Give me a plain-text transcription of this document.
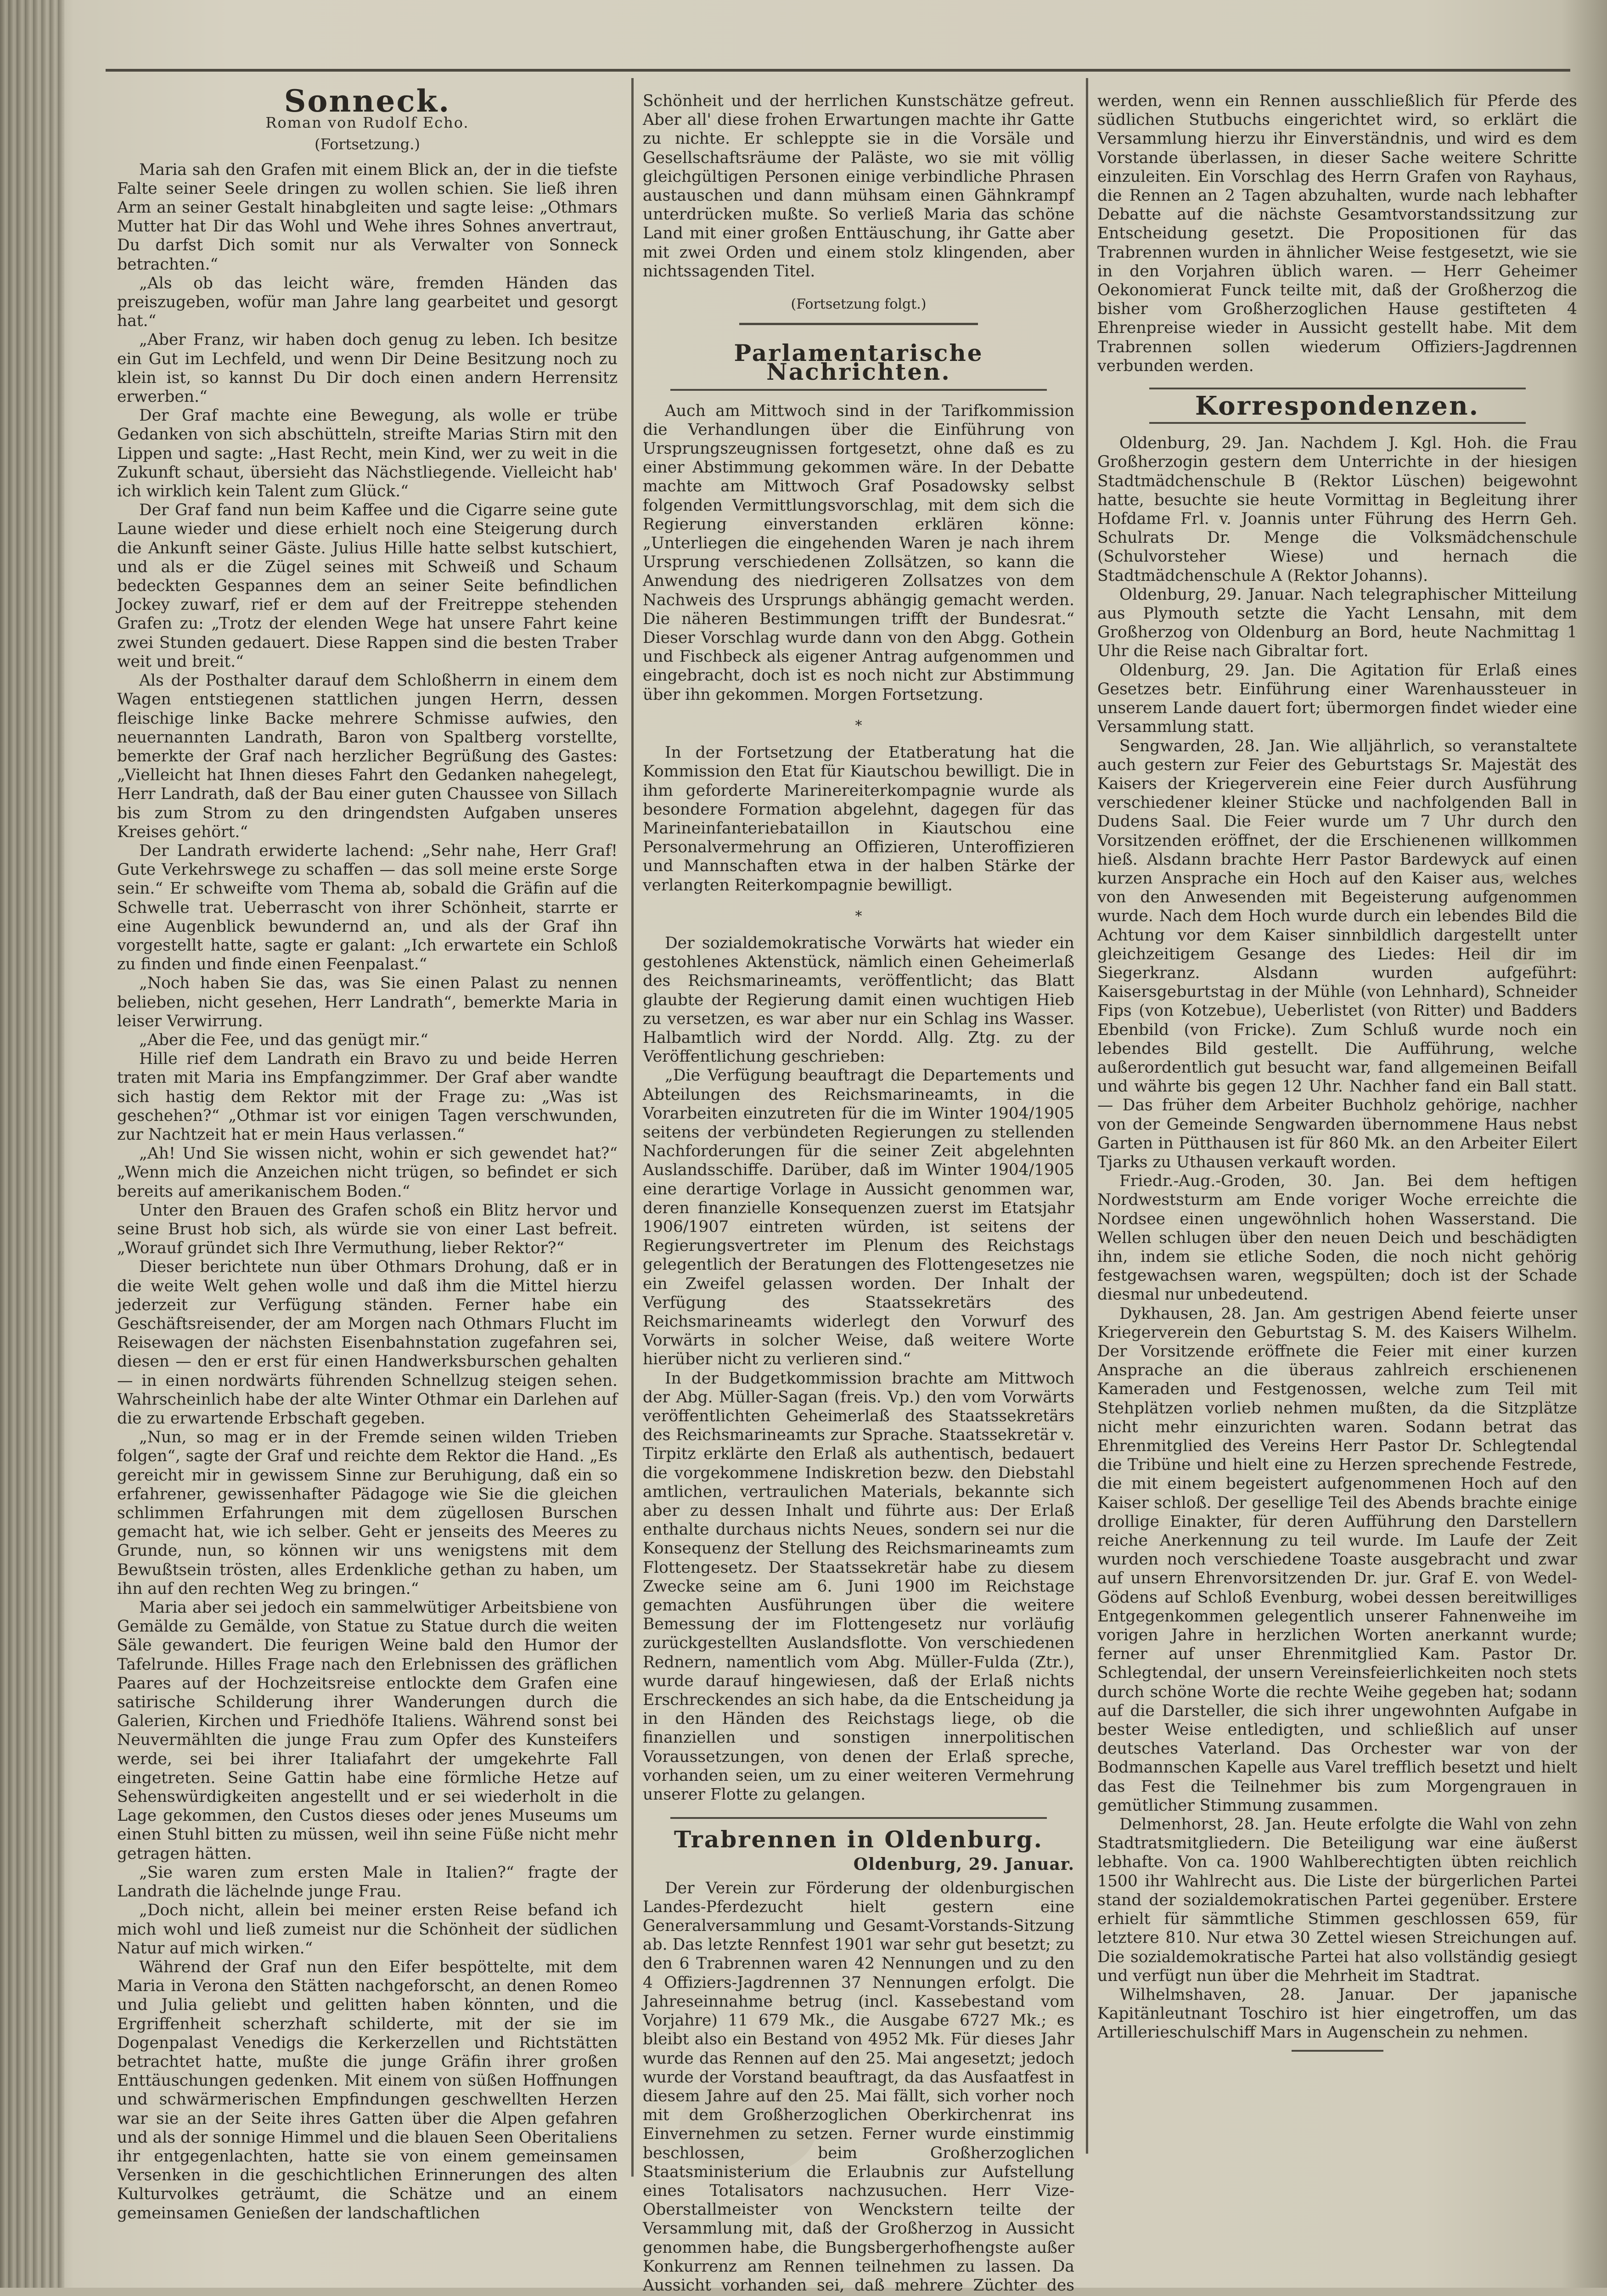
Sonneck.
Roman von Rudolf Echo.
(Fortsetzung.)

Maria sah den Grafen mit einem Blick an, der in die tiefste Falte seiner Seele dringen zu wollen schien. Sie ließ ihren Arm an seiner Gestalt hinabgleiten und sagte leise: „Othmars Mutter hat Dir das Wohl und Wehe ihres Sohnes anvertraut, Du darfst Dich somit nur als Verwalter von Sonneck betrachten.“

„Als ob das leicht wäre, fremden Händen das preiszugeben, wofür man Jahre lang gearbeitet und gesorgt hat.“

„Aber Franz, wir haben doch genug zu leben. Ich besitze ein Gut im Lechfeld, und wenn Dir Deine Besitzung noch zu klein ist, so kannst Du Dir doch einen andern Herrensitz erwerben.“

Der Graf machte eine Bewegung, als wolle er trübe Gedanken von sich abschütteln, streifte Marias Stirn mit den Lippen und sagte: „Hast Recht, mein Kind, wer zu weit in die Zukunft schaut, übersieht das Nächstliegende. Vielleicht hab' ich wirklich kein Talent zum Glück.“

Der Graf fand nun beim Kaffee und die Cigarre seine gute Laune wieder und diese erhielt noch eine Steigerung durch die Ankunft seiner Gäste. Julius Hille hatte selbst kutschiert, und als er die Zügel seines mit Schweiß und Schaum bedeckten Gespannes dem an seiner Seite befindlichen Jockey zuwarf, rief er dem auf der Freitreppe stehenden Grafen zu: „Trotz der elenden Wege hat unsere Fahrt keine zwei Stunden gedauert. Diese Rappen sind die besten Traber weit und breit.“

Als der Posthalter darauf dem Schloßherrn in einem dem Wagen entstiegenen stattlichen jungen Herrn, dessen fleischige linke Backe mehrere Schmisse aufwies, den neuernannten Landrath, Baron von Spaltberg vorstellte, bemerkte der Graf nach herzlicher Begrüßung des Gastes: „Vielleicht hat Ihnen dieses Fahrt den Gedanken nahegelegt, Herr Landrath, daß der Bau einer guten Chaussee von Sillach bis zum Strom zu den dringendsten Aufgaben unseres Kreises gehört.“

Der Landrath erwiderte lachend: „Sehr nahe, Herr Graf! Gute Verkehrswege zu schaffen — das soll meine erste Sorge sein.“ Er schweifte vom Thema ab, sobald die Gräfin auf die Schwelle trat. Ueberrascht von ihrer Schönheit, starrte er eine Augenblick bewundernd an, und als der Graf ihn vorgestellt hatte, sagte er galant: „Ich erwartete ein Schloß zu finden und finde einen Feenpalast.“

„Noch haben Sie das, was Sie einen Palast zu nennen belieben, nicht gesehen, Herr Landrath“, bemerkte Maria in leiser Verwirrung.

„Aber die Fee, und das genügt mir.“

Hille rief dem Landrath ein Bravo zu und beide Herren traten mit Maria ins Empfangzimmer. Der Graf aber wandte sich hastig dem Rektor mit der Frage zu: „Was ist geschehen?“ „Othmar ist vor einigen Tagen verschwunden, zur Nachtzeit hat er mein Haus verlassen.“

„Ah! Und Sie wissen nicht, wohin er sich gewendet hat?“ „Wenn mich die Anzeichen nicht trügen, so befindet er sich bereits auf amerikanischem Boden.“

Unter den Brauen des Grafen schoß ein Blitz hervor und seine Brust hob sich, als würde sie von einer Last befreit. „Worauf gründet sich Ihre Vermuthung, lieber Rektor?“

Dieser berichtete nun über Othmars Drohung, daß er in die weite Welt gehen wolle und daß ihm die Mittel hierzu jederzeit zur Verfügung ständen. Ferner habe ein Geschäftsreisender, der am Morgen nach Othmars Flucht im Reisewagen der nächsten Eisenbahnstation zugefahren sei, diesen — den er erst für einen Handwerksburschen gehalten — in einen nordwärts führenden Schnellzug steigen sehen. Wahrscheinlich habe der alte Winter Othmar ein Darlehen auf die zu erwartende Erbschaft gegeben.

„Nun, so mag er in der Fremde seinen wilden Trieben folgen“, sagte der Graf und reichte dem Rektor die Hand. „Es gereicht mir in gewissem Sinne zur Beruhigung, daß ein so erfahrener, gewissenhafter Pädagoge wie Sie die gleichen schlimmen Erfahrungen mit dem zügellosen Burschen gemacht hat, wie ich selber. Geht er jenseits des Meeres zu Grunde, nun, so können wir uns wenigstens mit dem Bewußtsein trösten, alles Erdenkliche gethan zu haben, um ihn auf den rechten Weg zu bringen.“

Maria aber sei jedoch ein sammelwütiger Arbeitsbiene von Gemälde zu Gemälde, von Statue zu Statue durch die weiten Säle gewandert. Die feurigen Weine bald den Humor der Tafelrunde. Hilles Frage nach den Erlebnissen des gräflichen Paares auf der Hochzeitsreise entlockte dem Grafen eine satirische Schilderung ihrer Wanderungen durch die Galerien, Kirchen und Friedhöfe Italiens. Während sonst bei Neuvermählten die junge Frau zum Opfer des Kunsteifers werde, sei bei ihrer Italiafahrt der umgekehrte Fall eingetreten. Seine Gattin habe eine förmliche Hetze auf Sehenswürdigkeiten angestellt und er sei wiederholt in die Lage gekommen, den Custos dieses oder jenes Museums um einen Stuhl bitten zu müssen, weil ihn seine Füße nicht mehr getragen hätten.

„Sie waren zum ersten Male in Italien?“ fragte der Landrath die lächelnde junge Frau.

„Doch nicht, allein bei meiner ersten Reise befand ich mich wohl und ließ zumeist nur die Schönheit der südlichen Natur auf mich wirken.“

Während der Graf nun den Eifer bespöttelte, mit dem Maria in Verona den Stätten nachgeforscht, an denen Romeo und Julia geliebt und gelitten haben könnten, und die Ergriffenheit scherzhaft schilderte, mit der sie im Dogenpalast Venedigs die Kerkerzellen und Richtstätten betrachtet hatte, mußte die junge Gräfin ihrer großen Enttäuschungen gedenken. Mit einem von süßen Hoffnungen und schwärmerischen Empfindungen geschwellten Herzen war sie an der Seite ihres Gatten über die Alpen gefahren und als der sonnige Himmel und die blauen Seen Oberitaliens ihr entgegenlachten, hatte sie von einem gemeinsamen Versenken in die geschichtlichen Erinnerungen des alten Kulturvolkes geträumt, die Schätze und an einem gemeinsamen Genießen der landschaftlichen

Schönheit und der herrlichen Kunstschätze gefreut. Aber all' diese frohen Erwartungen machte ihr Gatte zu nichte. Er schleppte sie in die Vorsäle und Gesellschaftsräume der Paläste, wo sie mit völlig gleichgültigen Personen einige verbindliche Phrasen austauschen und dann mühsam einen Gähnkrampf unterdrücken mußte. So verließ Maria das schöne Land mit einer großen Enttäuschung, ihr Gatte aber mit zwei Orden und einem stolz klingenden, aber nichtssagenden Titel.

(Fortsetzung folgt.)
Parlamentarische Nachrichten.

Auch am Mittwoch sind in der Tarifkommission die Verhandlungen über die Einführung von Ursprungszeugnissen fortgesetzt, ohne daß es zu einer Abstimmung gekommen wäre. In der Debatte machte am Mittwoch Graf Posadowsky selbst folgenden Vermittlungsvorschlag, mit dem sich die Regierung einverstanden erklären könne: „Unterliegen die eingehenden Waren je nach ihrem Ursprung verschiedenen Zollsätzen, so kann die Anwendung des niedrigeren Zollsatzes von dem Nachweis des Ursprungs abhängig gemacht werden. Die näheren Bestimmungen trifft der Bundesrat.“ Dieser Vorschlag wurde dann von den Abgg. Gothein und Fischbeck als eigener Antrag aufgenommen und eingebracht, doch ist es noch nicht zur Abstimmung über ihn gekommen. Morgen Fortsetzung.

*

In der Fortsetzung der Etatberatung hat die Kommission den Etat für Kiautschou bewilligt. Die in ihm geforderte Marinereiterkompagnie wurde als besondere Formation abgelehnt, dagegen für das Marineinfanteriebataillon in Kiautschou eine Personalvermehrung an Offizieren, Unteroffizieren und Mannschaften etwa in der halben Stärke der verlangten Reiterkompagnie bewilligt.

*

Der sozialdemokratische Vorwärts hat wieder ein gestohlenes Aktenstück, nämlich einen Geheimerlaß des Reichsmarineamts, veröffentlicht; das Blatt glaubte der Regierung damit einen wuchtigen Hieb zu versetzen, es war aber nur ein Schlag ins Wasser. Halbamtlich wird der Nordd. Allg. Ztg. zu der Veröffentlichung geschrieben:

„Die Verfügung beauftragt die Departements und Abteilungen des Reichsmarineamts, in die Vorarbeiten einzutreten für die im Winter 1904/1905 seitens der verbündeten Regierungen zu stellenden Nachforderungen für die seiner Zeit abgelehnten Auslandsschiffe. Darüber, daß im Winter 1904/1905 eine derartige Vorlage in Aussicht genommen war, deren finanzielle Konsequenzen zuerst im Etatsjahr 1906/1907 eintreten würden, ist seitens der Regierungsvertreter im Plenum des Reichstags gelegentlich der Beratungen des Flottengesetzes nie ein Zweifel gelassen worden. Der Inhalt der Verfügung des Staatssekretärs des Reichsmarineamts widerlegt den Vorwurf des Vorwärts in solcher Weise, daß weitere Worte hierüber nicht zu verlieren sind.“

In der Budgetkommission brachte am Mittwoch der Abg. Müller-Sagan (freis. Vp.) den vom Vorwärts veröffentlichten Geheimerlaß des Staatssekretärs des Reichsmarineamts zur Sprache. Staatssekretär v. Tirpitz erklärte den Erlaß als authentisch, bedauert die vorgekommene Indiskretion bezw. den Diebstahl amtlichen, vertraulichen Materials, bekannte sich aber zu dessen Inhalt und führte aus: Der Erlaß enthalte durchaus nichts Neues, sondern sei nur die Konsequenz der Stellung des Reichsmarineamts zum Flottengesetz. Der Staatssekretär habe zu diesem Zwecke seine am 6. Juni 1900 im Reichstage gemachten Ausführungen über die weitere Bemessung der im Flottengesetz nur vorläufig zurückgestellten Auslandsflotte. Von verschiedenen Rednern, namentlich vom Abg. Müller-Fulda (Ztr.), wurde darauf hingewiesen, daß der Erlaß nichts Erschreckendes an sich habe, da die Entscheidung ja in den Händen des Reichstags liege, ob die finanziellen und sonstigen innerpolitischen Voraussetzungen, von denen der Erlaß spreche, vorhanden seien, um zu einer weiteren Vermehrung unserer Flotte zu gelangen.

Trabrennen in Oldenburg.
Oldenburg, 29. Januar.

Der Verein zur Förderung der oldenburgischen Landes-Pferdezucht hielt gestern eine Generalversammlung und Gesamt-Vorstands-Sitzung ab. Das letzte Rennfest 1901 war sehr gut besetzt; zu den 6 Trabrennen waren 42 Nennungen und zu den 4 Offiziers-Jagdrennen 37 Nennungen erfolgt. Die Jahreseinnahme betrug (incl. Kassebestand vom Vorjahre) 11 679 Mk., die Ausgabe 6727 Mk.; es bleibt also ein Bestand von 4952 Mk. Für dieses Jahr wurde das Rennen auf den 25. Mai angesetzt; jedoch wurde der Vorstand beauftragt, da das Ausfaatfest in diesem Jahre auf den 25. Mai fällt, sich vorher noch mit dem Großherzoglichen Oberkirchenrat ins Einvernehmen zu setzen. Ferner wurde einstimmig beschlossen, beim Großherzoglichen Staatsministerium die Erlaubnis zur Aufstellung eines Totalisators nachzusuchen. Herr Vize-Oberstallmeister von Wenckstern teilte der Versammlung mit, daß der Großherzog in Aussicht genommen habe, die Bungsbergerhofhengste außer Konkurrenz am Rennen teilnehmen zu lassen. Da Aussicht vorhanden sei, daß mehrere Züchter des

werden, wenn ein Rennen ausschließlich für Pferde des südlichen Stutbuchs eingerichtet wird, so erklärt die Versammlung hierzu ihr Einverständnis, und wird es dem Vorstande überlassen, in dieser Sache weitere Schritte einzuleiten. Ein Vorschlag des Herrn Grafen von Rayhaus, die Rennen an 2 Tagen abzuhalten, wurde nach lebhafter Debatte auf die nächste Gesamtvorstandssitzung zur Entscheidung gesetzt. Die Propositionen für das Trabrennen wurden in ähnlicher Weise festgesetzt, wie sie in den Vorjahren üblich waren. — Herr Geheimer Oekonomierat Funck teilte mit, daß der Großherzog die bisher vom Großherzoglichen Hause gestifteten 4 Ehrenpreise wieder in Aussicht gestellt habe. Mit dem Trabrennen sollen wiederum Offiziers-Jagdrennen verbunden werden.

Korrespondenzen.

Oldenburg, 29. Jan. Nachdem J. Kgl. Hoh. die Frau Großherzogin gestern dem Unterrichte in der hiesigen Stadtmädchenschule B (Rektor Lüschen) beigewohnt hatte, besuchte sie heute Vormittag in Begleitung ihrer Hofdame Frl. v. Joannis unter Führung des Herrn Geh. Schulrats Dr. Menge die Volksmädchenschule (Schulvorsteher Wiese) und hernach die Stadtmädchenschule A (Rektor Johanns).

Oldenburg, 29. Januar. Nach telegraphischer Mitteilung aus Plymouth setzte die Yacht Lensahn, mit dem Großherzog von Oldenburg an Bord, heute Nachmittag 1 Uhr die Reise nach Gibraltar fort.

Oldenburg, 29. Jan. Die Agitation für Erlaß eines Gesetzes betr. Einführung einer Warenhaussteuer in unserem Lande dauert fort; übermorgen findet wieder eine Versammlung statt.

Sengwarden, 28. Jan. Wie alljährlich, so veranstaltete auch gestern zur Feier des Geburtstags Sr. Majestät des Kaisers der Kriegerverein eine Feier durch Ausführung verschiedener kleiner Stücke und nachfolgenden Ball in Dudens Saal. Die Feier wurde um 7 Uhr durch den Vorsitzenden eröffnet, der die Erschienenen willkommen hieß. Alsdann brachte Herr Pastor Bardewyck auf einen kurzen Ansprache ein Hoch auf den Kaiser aus, welches von den Anwesenden mit Begeisterung aufgenommen wurde. Nach dem Hoch wurde durch ein lebendes Bild die Achtung vor dem Kaiser sinnbildlich dargestellt unter gleichzeitigem Gesange des Liedes: Heil dir im Siegerkranz. Alsdann wurden aufgeführt: Kaisersgeburtstag in der Mühle (von Lehnhard), Schneider Fips (von Kotzebue), Ueberlistet (von Ritter) und Badders Ebenbild (von Fricke). Zum Schluß wurde noch ein lebendes Bild gestellt. Die Aufführung, welche außerordentlich gut besucht war, fand allgemeinen Beifall und währte bis gegen 12 Uhr. Nachher fand ein Ball statt. — Das früher dem Arbeiter Buchholz gehörige, nachher von der Gemeinde Sengwarden übernommene Haus nebst Garten in Pütthausen ist für 860 Mk. an den Arbeiter Eilert Tjarks zu Uthausen verkauft worden.

Friedr.-Aug.-Groden, 30. Jan. Bei dem heftigen Nordweststurm am Ende voriger Woche erreichte die Nordsee einen ungewöhnlich hohen Wasserstand. Die Wellen schlugen über den neuen Deich und beschädigten ihn, indem sie etliche Soden, die noch nicht gehörig festgewachsen waren, wegspülten; doch ist der Schade diesmal nur unbedeutend.

Dykhausen, 28. Jan. Am gestrigen Abend feierte unser Kriegerverein den Geburtstag S. M. des Kaisers Wilhelm. Der Vorsitzende eröffnete die Feier mit einer kurzen Ansprache an die überaus zahlreich erschienenen Kameraden und Festgenossen, welche zum Teil mit Stehplätzen vorlieb nehmen mußten, da die Sitzplätze nicht mehr einzurichten waren. Sodann betrat das Ehrenmitglied des Vereins Herr Pastor Dr. Schlegtendal die Tribüne und hielt eine zu Herzen sprechende Festrede, die mit einem begeistert aufgenommenen Hoch auf den Kaiser schloß. Der gesellige Teil des Abends brachte einige drollige Einakter, für deren Aufführung den Darstellern reiche Anerkennung zu teil wurde. Im Laufe der Zeit wurden noch verschiedene Toaste ausgebracht und zwar auf unsern Ehrenvorsitzenden Dr. jur. Graf E. von Wedel-Gödens auf Schloß Evenburg, wobei dessen bereitwilliges Entgegenkommen gelegentlich unserer Fahnenweihe im vorigen Jahre in herzlichen Worten anerkannt wurde; ferner auf unser Ehrenmitglied Kam. Pastor Dr. Schlegtendal, der unsern Vereinsfeierlichkeiten noch stets durch schöne Worte die rechte Weihe gegeben hat; sodann auf die Darsteller, die sich ihrer ungewohnten Aufgabe in bester Weise entledigten, und schließlich auf unser deutsches Vaterland. Das Orchester war von der Bodmannschen Kapelle aus Varel trefflich besetzt und hielt das Fest die Teilnehmer bis zum Morgengrauen in gemütlicher Stimmung zusammen.

Delmenhorst, 28. Jan. Heute erfolgte die Wahl von zehn Stadtratsmitgliedern. Die Beteiligung war eine äußerst lebhafte. Von ca. 1900 Wahlberechtigten übten reichlich 1500 ihr Wahlrecht aus. Die Liste der bürgerlichen Partei stand der sozialdemokratischen Partei gegenüber. Erstere erhielt für sämmtliche Stimmen geschlossen 659, für letztere 810. Nur etwa 30 Zettel wiesen Streichungen auf. Die sozialdemokratische Partei hat also vollständig gesiegt und verfügt nun über die Mehrheit im Stadtrat.

Wilhelmshaven, 28. Januar. Der japanische Kapitänleutnant Toschiro ist hier eingetroffen, um das Artillerieschulschiff Mars in Augenschein zu nehmen.
